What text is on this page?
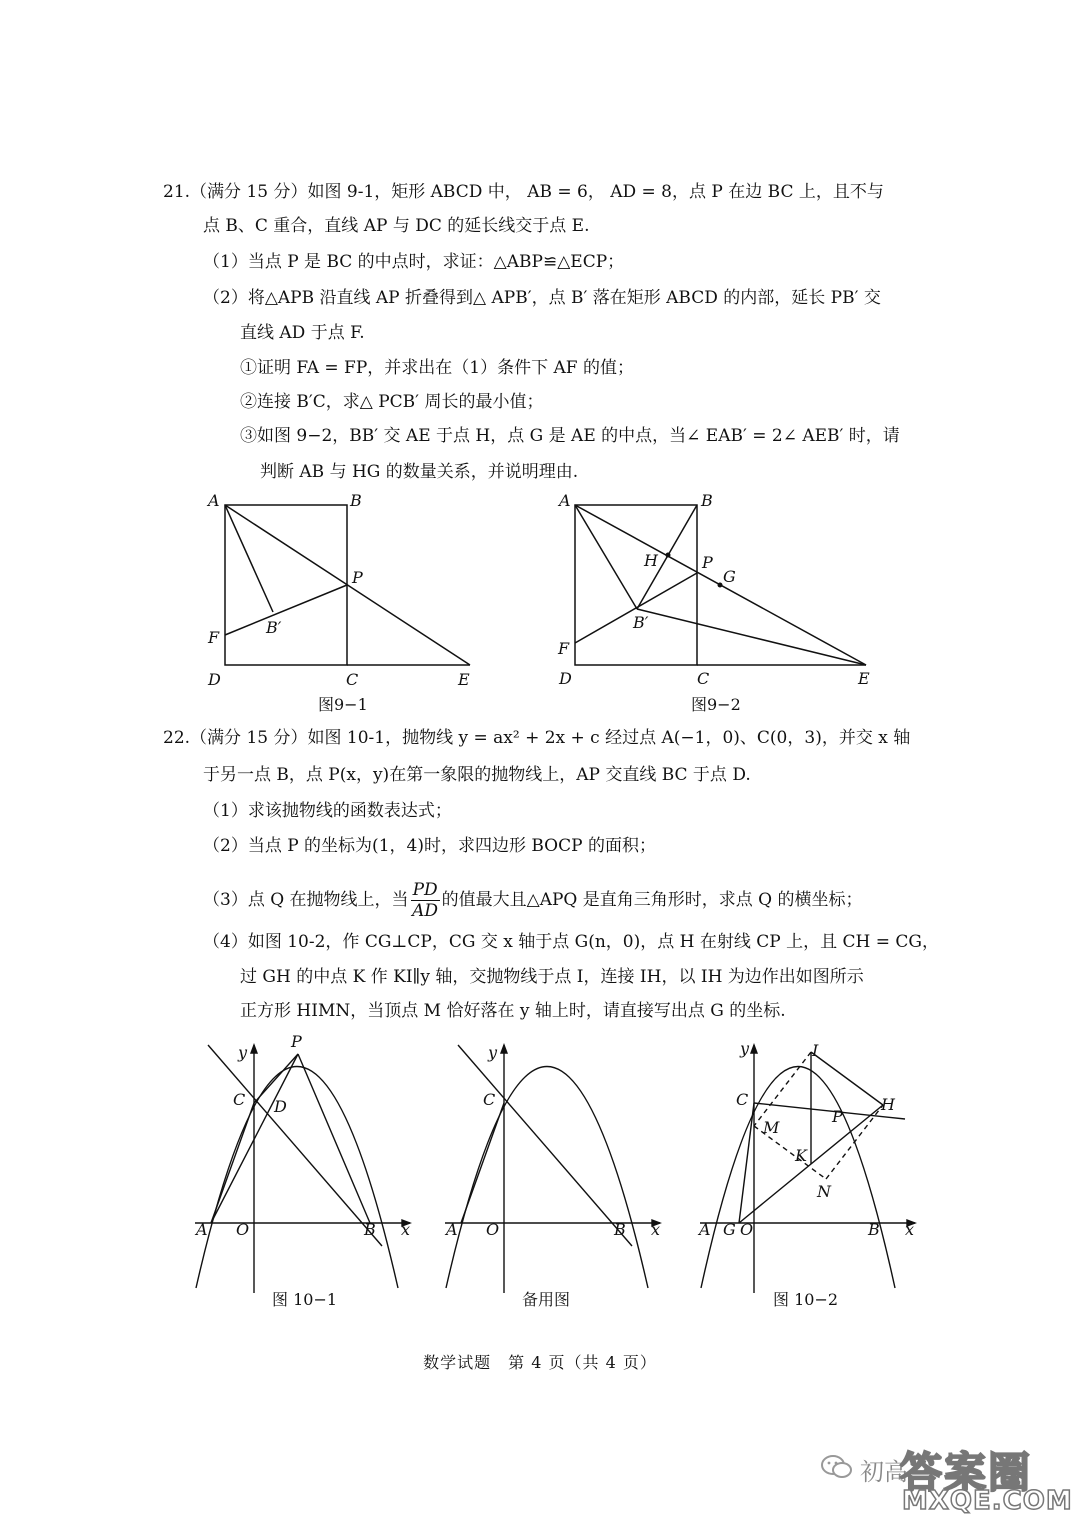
21.（满分 15 分）如图 9-1，矩形 ABCD 中， AB = 6， AD = 8，点 P 在边 BC 上，且不与
点 B、C 重合，直线 AP 与 DC 的延长线交于点 E.
（1）当点 P 是 BC 的中点时，求证：△ABP≌△ECP；
（2）将△APB 沿直线 AP 折叠得到△ APB′，点 B′ 落在矩形 ABCD 的内部，延长 PB′ 交
直线 AD 于点 F.
①证明 FA = FP，并求出在（1）条件下 AF 的值；
②连接 B′C，求△ PCB′ 周长的最小值；
③如图 9−2，BB′ 交 AE 于点 H，点 G 是 AE 的中点，当∠ EAB′ = 2∠ AEB′ 时，请
判断 AB 与 HG 的数量关系，并说明理由.
A	B
P
B′
F
D	C	E
图9−1
A	B
H	P
G
B′
F
D	C	E
图9−2
22.（满分 15 分）如图 10-1，抛物线 y = ax² + 2x + c 经过点 A(−1，0)、C(0，3)，并交 x 轴
于另一点 B，点 P(x，y)在第一象限的抛物线上，AP 交直线 BC 于点 D.
（1）求该抛物线的函数表达式；
（2）当点 P 的坐标为(1，4)时，求四边形 BOCP 的面积；
（3）点 Q 在抛物线上，当 $\frac{PD}{AD}$ 的值最大且△APQ 是直角三角形时，求点 Q 的横坐标；
（4）如图 10-2，作 CG⊥CP，CG 交 x 轴于点 G(n，0)，点 H 在射线 CP 上，且 CH = CG，
过 GH 的中点 K 作 KI∥y 轴，交抛物线于点 I，连接 IH，以 IH 为边作出如图所示
正方形 HIMN，当顶点 M 恰好落在 y 轴上时，请直接写出点 G 的坐标.
y
P
C D
A O	B x
图 10−1
y
C
A O	B x
备用图
y	I
C	H
P
M
K
N
A G O	B x
图 10−2
数学试题　第 4 页（共 4 页）
初高
答案圈
MXQE.COM
